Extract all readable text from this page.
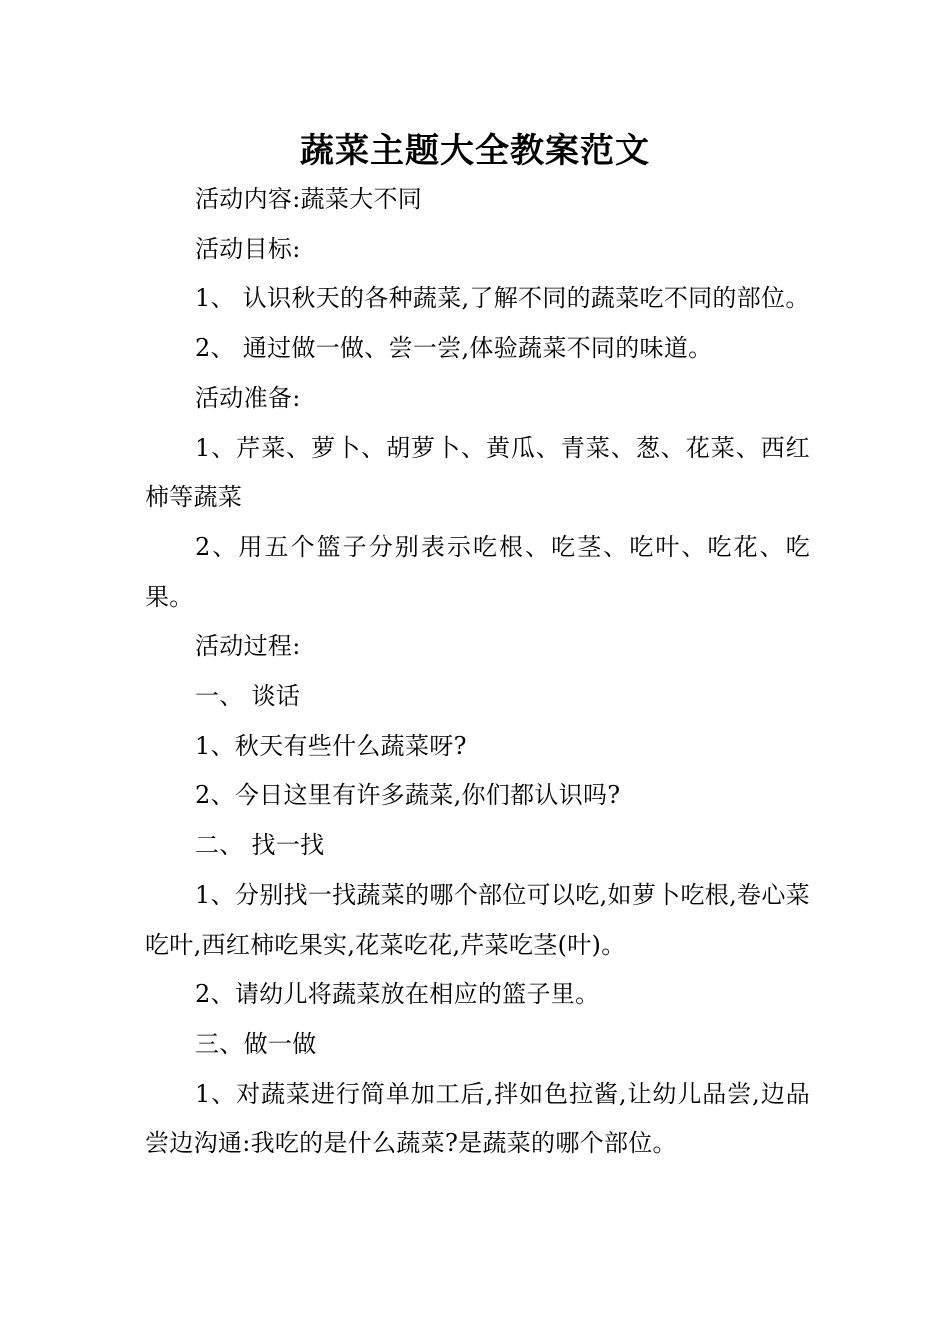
蔬菜主题大全教案范文

活动内容:蔬菜大不同

活动目标:

1、 认识秋天的各种蔬菜,了解不同的蔬菜吃不同的部位。

2、 通过做一做、尝一尝,体验蔬菜不同的味道。

活动准备:

1、芹菜、萝卜、胡萝卜、黄瓜、青菜、葱、花菜、西红柿等蔬菜

2、用五个篮子分别表示吃根、吃茎、吃叶、吃花、吃果。

活动过程:

一、 谈话

1、秋天有些什么蔬菜呀?

2、今日这里有许多蔬菜,你们都认识吗?

二、 找一找

1、分别找一找蔬菜的哪个部位可以吃,如萝卜吃根,卷心菜吃叶,西红柿吃果实,花菜吃花,芹菜吃茎(叶)。

2、请幼儿将蔬菜放在相应的篮子里。

三、做一做

1、对蔬菜进行简单加工后,拌如色拉酱,让幼儿品尝,边品尝边沟通:我吃的是什么蔬菜?是蔬菜的哪个部位。
